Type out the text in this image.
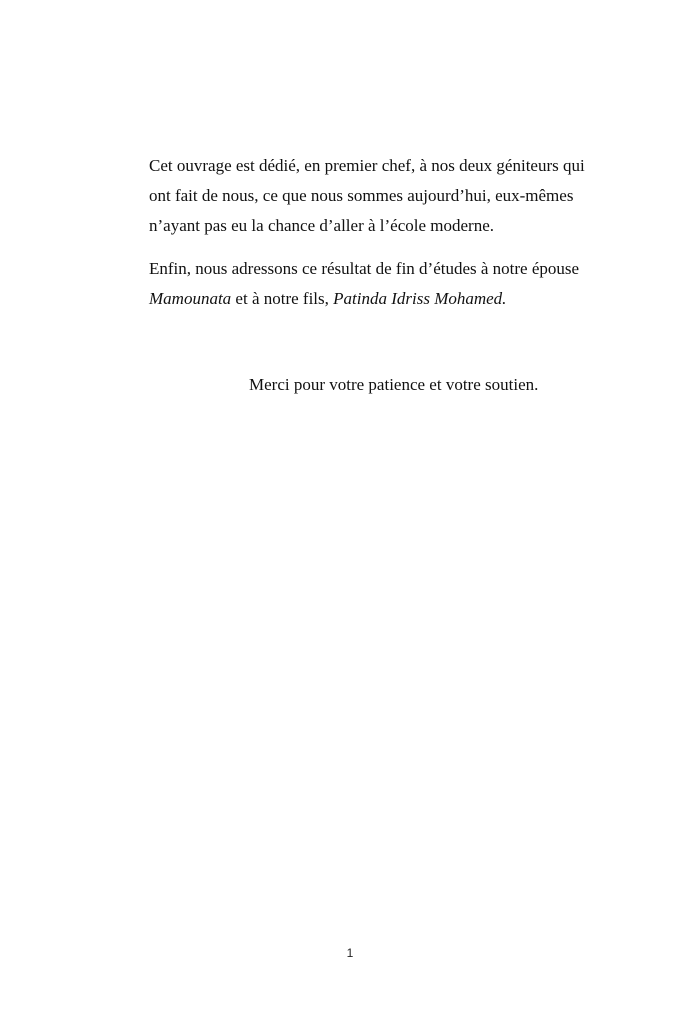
Cet ouvrage est dédié, en premier chef, à nos deux géniteurs qui
ont fait de nous, ce que nous sommes aujourd’hui, eux-mêmes
n’ayant pas eu la chance d’aller à l’école moderne.

Enfin, nous adressons ce résultat de fin d’études à notre épouse
Mamounata et à notre fils, Patinda Idriss Mohamed.

Merci pour votre patience et votre soutien.
1
